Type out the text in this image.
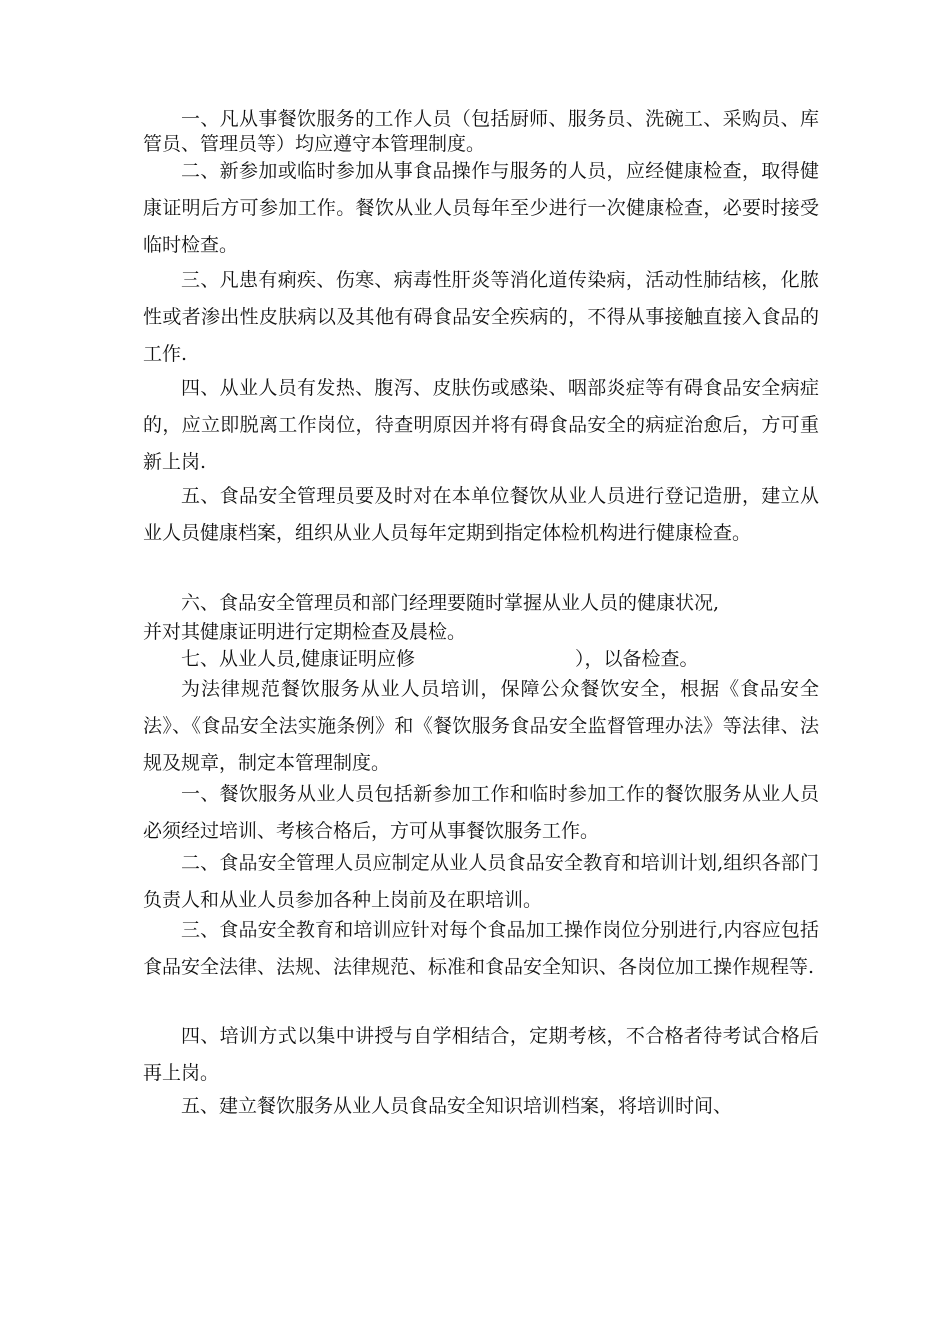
一、凡从事餐饮服务的工作人员（包括厨师、服务员、洗碗工、采购员、库管员、管理员等）均应遵守本管理制度。

二、新参加或临时参加从事食品操作与服务的人员，应经健康检查，取得健康证明后方可参加工作。餐饮从业人员每年至少进行一次健康检查，必要时接受临时检查。

三、凡患有痢疾、伤寒、病毒性肝炎等消化道传染病，活动性肺结核，化脓性或者渗出性皮肤病以及其他有碍食品安全疾病的，不得从事接触直接入食品的工作.

四、从业人员有发热、腹泻、皮肤伤或感染、咽部炎症等有碍食品安全病症的，应立即脱离工作岗位，待查明原因并将有碍食品安全的病症治愈后，方可重新上岗.

五、食品安全管理员要及时对在本单位餐饮从业人员进行登记造册，建立从业人员健康档案，组织从业人员每年定期到指定体检机构进行健康检查。

六、食品安全管理员和部门经理要随时掌握从业人员的健康状况,

并对其健康证明进行定期检查及晨检。

七、从业人员,健康证明应修	），以备检查。

为法律规范餐饮服务从业人员培训，保障公众餐饮安全，根据《食品安全法》、《食品安全法实施条例》和《餐饮服务食品安全监督管理办法》等法律、法规及规章，制定本管理制度。

一、餐饮服务从业人员包括新参加工作和临时参加工作的餐饮服务从业人员必须经过培训、考核合格后，方可从事餐饮服务工作。

二、食品安全管理人员应制定从业人员食品安全教育和培训计划,组织各部门负责人和从业人员参加各种上岗前及在职培训。

三、食品安全教育和培训应针对每个食品加工操作岗位分别进行,内容应包括食品安全法律、法规、法律规范、标准和食品安全知识、各岗位加工操作规程等.

四、培训方式以集中讲授与自学相结合，定期考核，不合格者待考试合格后再上岗。

五、建立餐饮服务从业人员食品安全知识培训档案，将培训时间、
